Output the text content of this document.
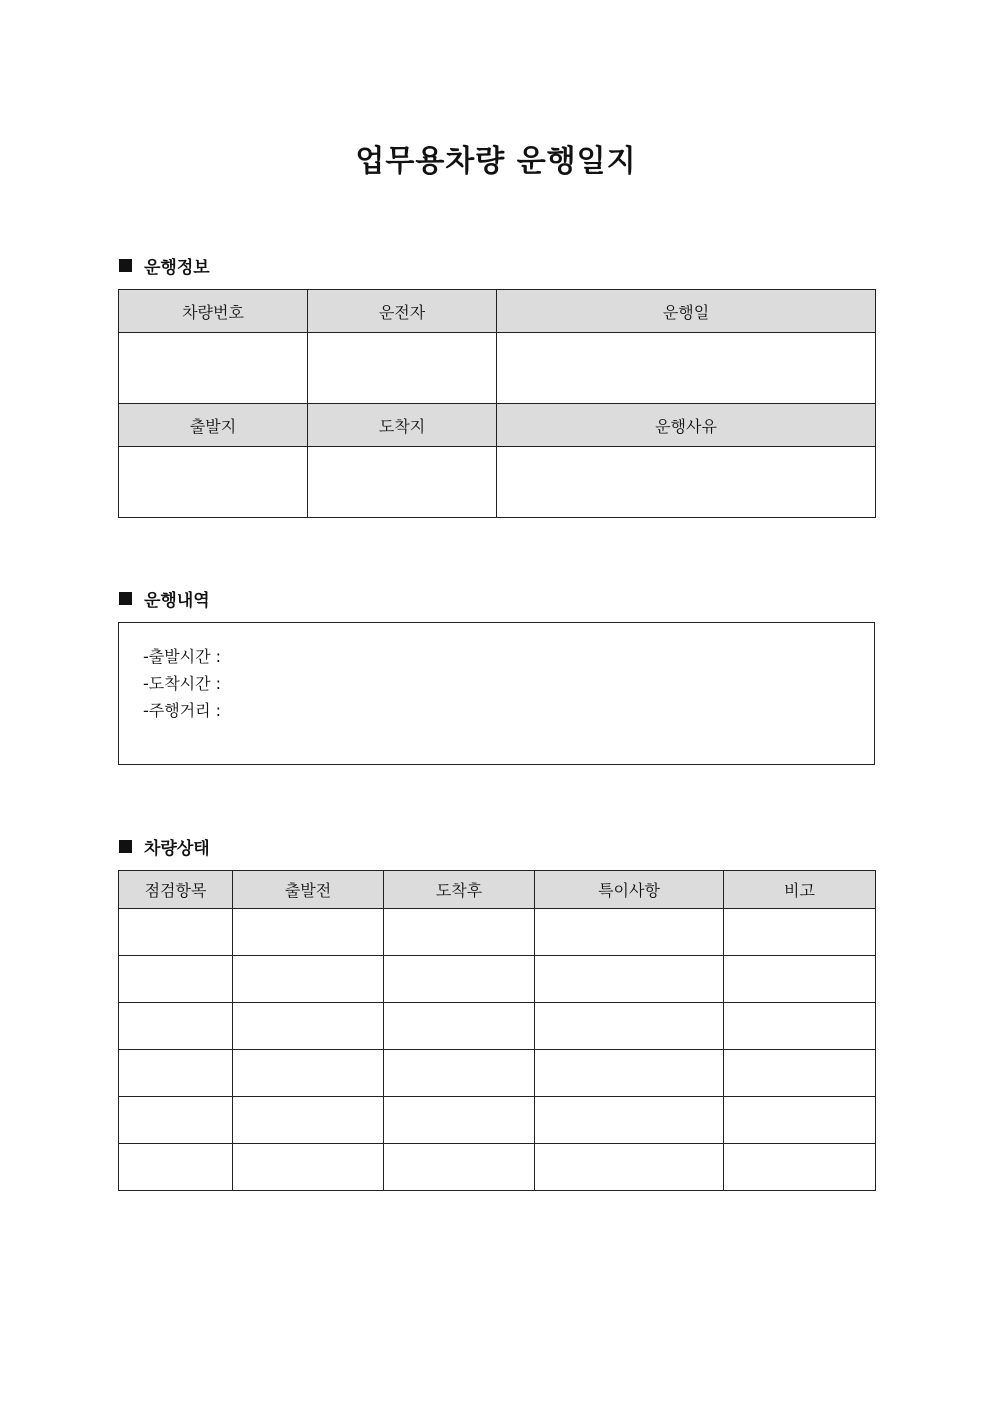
업무용차량 운행일지
운행정보
차량번호	운전자	운행일

출발지	도착지	운행사유

운행내역
-출발시간 :
-도착시간 :
-주행거리 :
차량상태
점검항목	출발전	도착후	특이사항	비고
